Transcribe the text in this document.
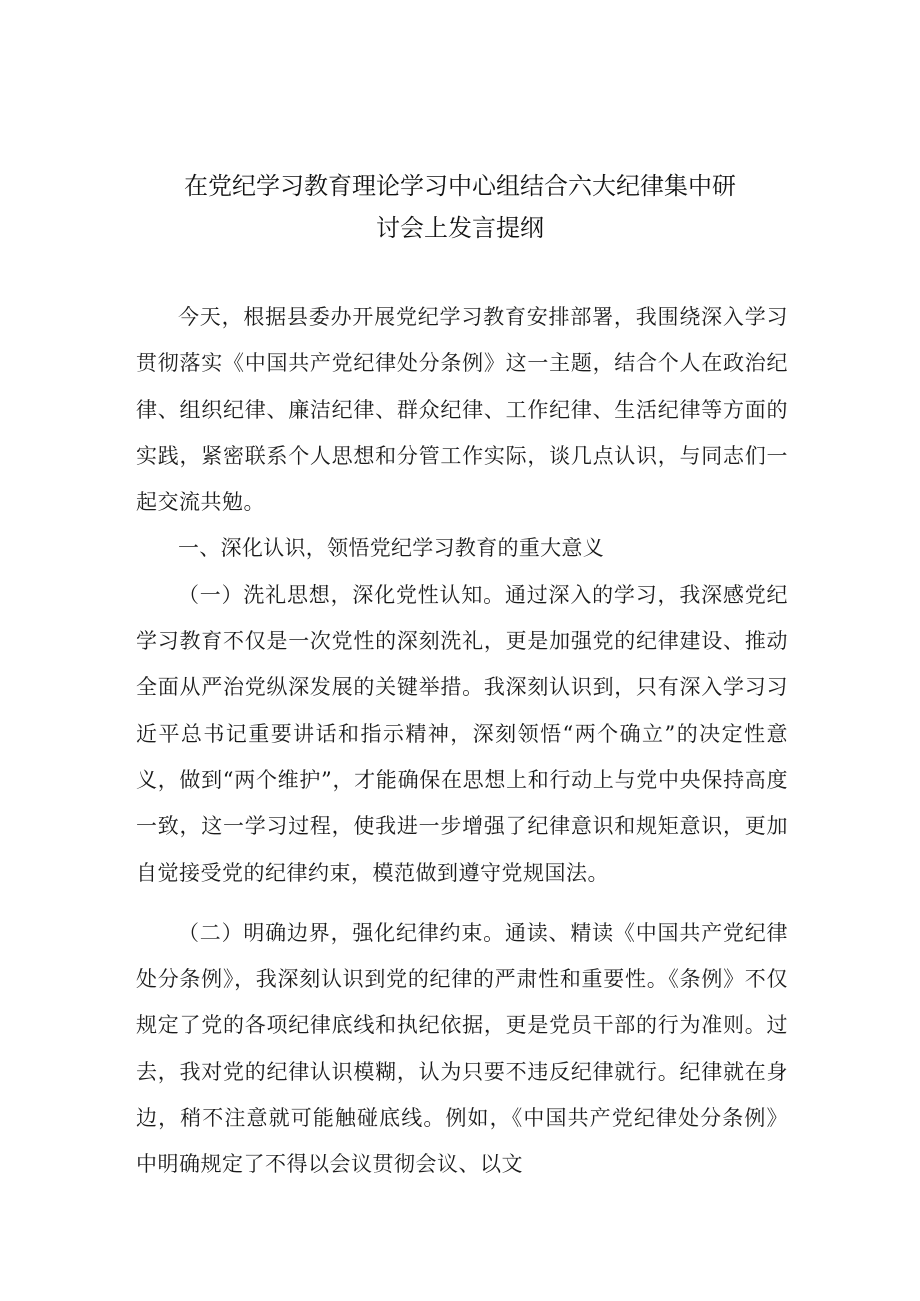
在党纪学习教育理论学习中心组结合六大纪律集中研
讨会上发言提纲

今天，根据县委办开展党纪学习教育安排部署，我围绕深入学习贯彻落实《中国共产党纪律处分条例》这一主题，结合个人在政治纪律、组织纪律、廉洁纪律、群众纪律、工作纪律、生活纪律等方面的实践，紧密联系个人思想和分管工作实际，谈几点认识，与同志们一起交流共勉。

一、深化认识，领悟党纪学习教育的重大意义

（一）洗礼思想，深化党性认知。通过深入的学习，我深感党纪学习教育不仅是一次党性的深刻洗礼，更是加强党的纪律建设、推动全面从严治党纵深发展的关键举措。我深刻认识到，只有深入学习习近平总书记重要讲话和指示精神，深刻领悟“两个确立”的决定性意义，做到“两个维护”，才能确保在思想上和行动上与党中央保持高度一致，这一学习过程，使我进一步增强了纪律意识和规矩意识，更加自觉接受党的纪律约束，模范做到遵守党规国法。

（二）明确边界，强化纪律约束。通读、精读《中国共产党纪律处分条例》，我深刻认识到党的纪律的严肃性和重要性。《条例》不仅规定了党的各项纪律底线和执纪依据，更是党员干部的行为准则。过去，我对党的纪律认识模糊，认为只要不违反纪律就行。纪律就在身边，稍不注意就可能触碰底线。例如，《中国共产党纪律处分条例》中明确规定了不得以会议贯彻会议、以文
